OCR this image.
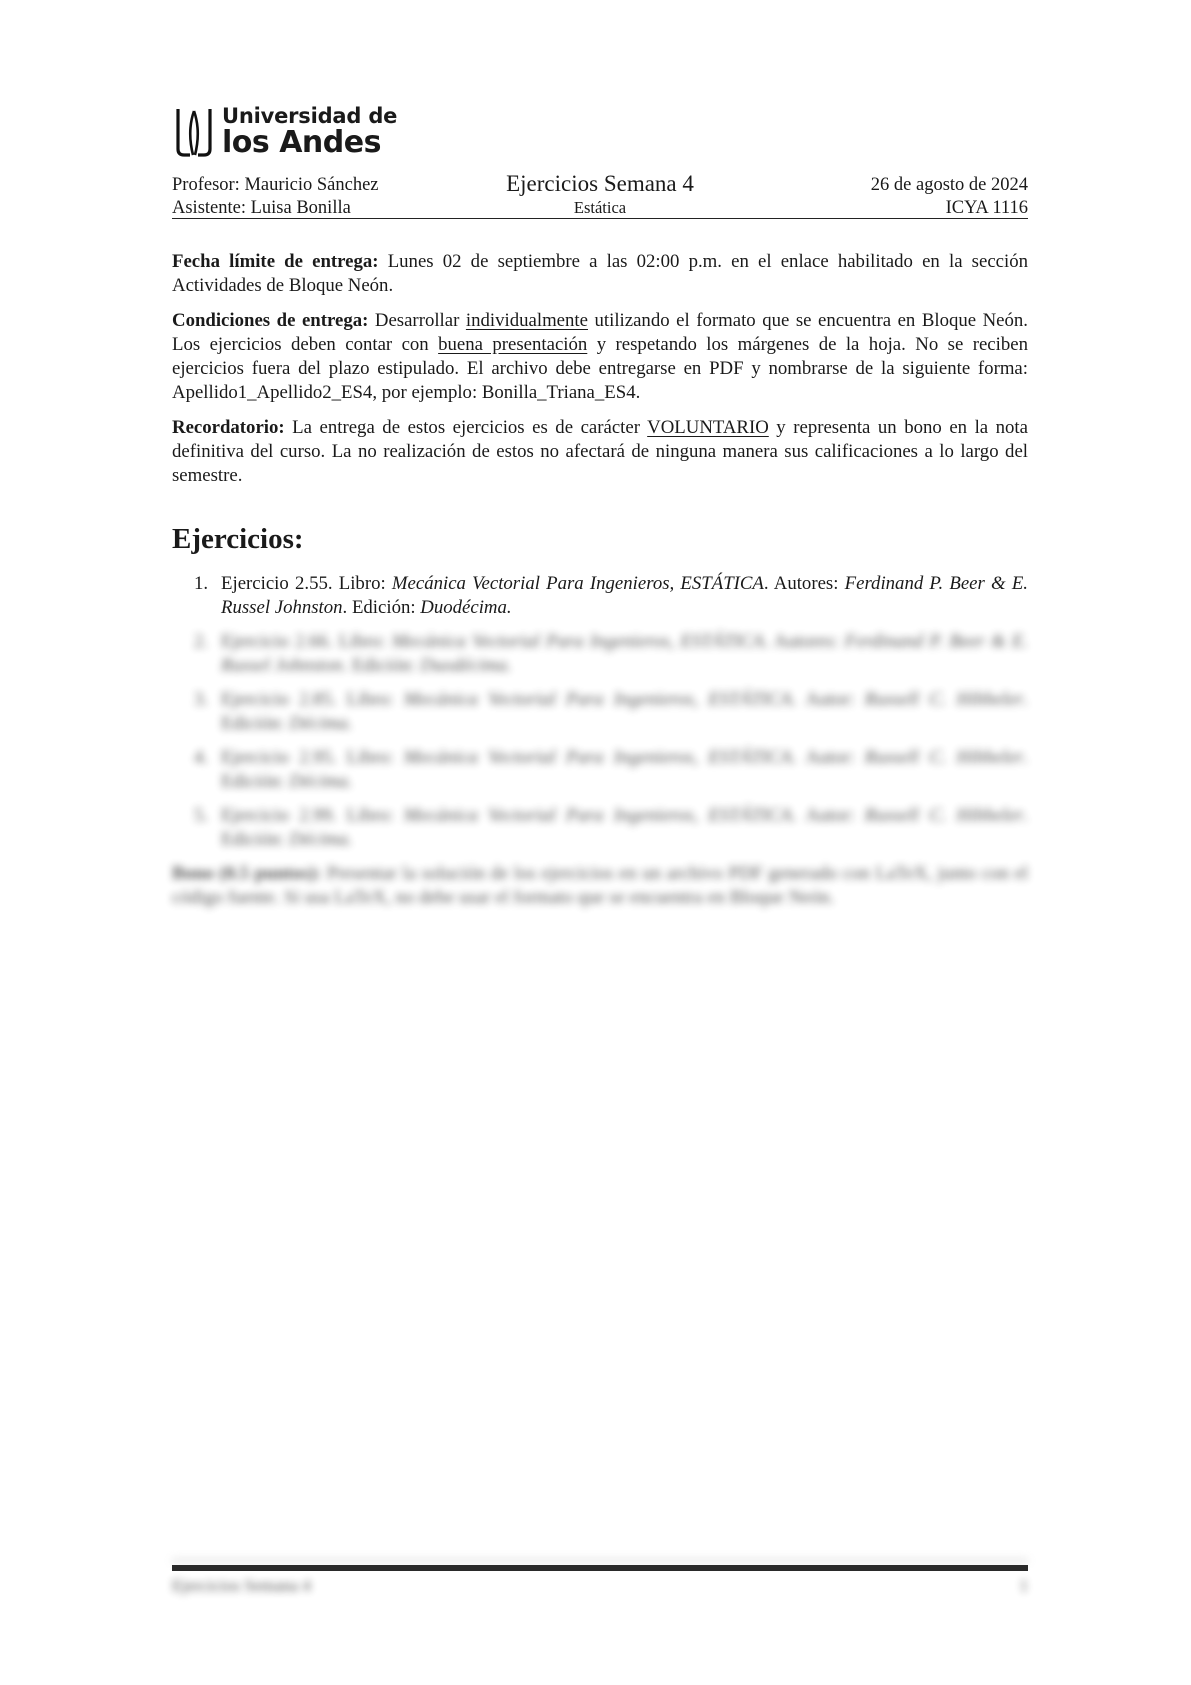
Universidad de
los Andes
Profesor: Mauricio Sánchez
Asistente: Luisa Bonilla
Ejercicios Semana 4
Estática
26 de agosto de 2024
ICYA 1116

Fecha límite de entrega: Lunes 02 de septiembre a las 02:00 p.m. en el enlace habilitado en la sección Actividades de Bloque Neón.

Condiciones de entrega: Desarrollar individualmente utilizando el formato que se encuentra en Bloque Neón. Los ejercicios deben contar con buena presentación y respetando los márgenes de la hoja. No se reciben ejercicios fuera del plazo estipulado. El archivo debe entregarse en PDF y nombrarse de la siguiente forma: Apellido1_Apellido2_ES4, por ejemplo: Bonilla_Triana_ES4.

Recordatorio: La entrega de estos ejercicios es de carácter VOLUNTARIO y representa un bono en la nota definitiva del curso. La no realización de estos no afectará de ninguna manera sus calificaciones a lo largo del semestre.

Ejercicios:
1. Ejercicio 2.55. Libro: Mecánica Vectorial Para Ingenieros, ESTÁTICA. Autores: Ferdinand P. Beer & E. Russel Johnston. Edición: Duodécima.
2. Ejercicio 2.66. Libro: Mecánica Vectorial Para Ingenieros, ESTÁTICA. Autores: Ferdinand P. Beer & E. Russel Johnston. Edición: Duodécima.
3. Ejercicio 2.85. Libro: Mecánica Vectorial Para Ingenieros, ESTÁTICA. Autor: Russell C. Hibbeler. Edición: Décima.
4. Ejercicio 2.95. Libro: Mecánica Vectorial Para Ingenieros, ESTÁTICA. Autor: Russell C. Hibbeler. Edición: Décima.
5. Ejercicio 2.99. Libro: Mecánica Vectorial Para Ingenieros, ESTÁTICA. Autor: Russell C. Hibbeler. Edición: Décima.

Bono (0.5 puntos): Presentar la solución de los ejercicios en un archivo PDF generado con LaTeX, junto con el código fuente. Si usa LaTeX, no debe usar el formato que se encuentra en Bloque Neón.

Ejercicios Semana 4	1
